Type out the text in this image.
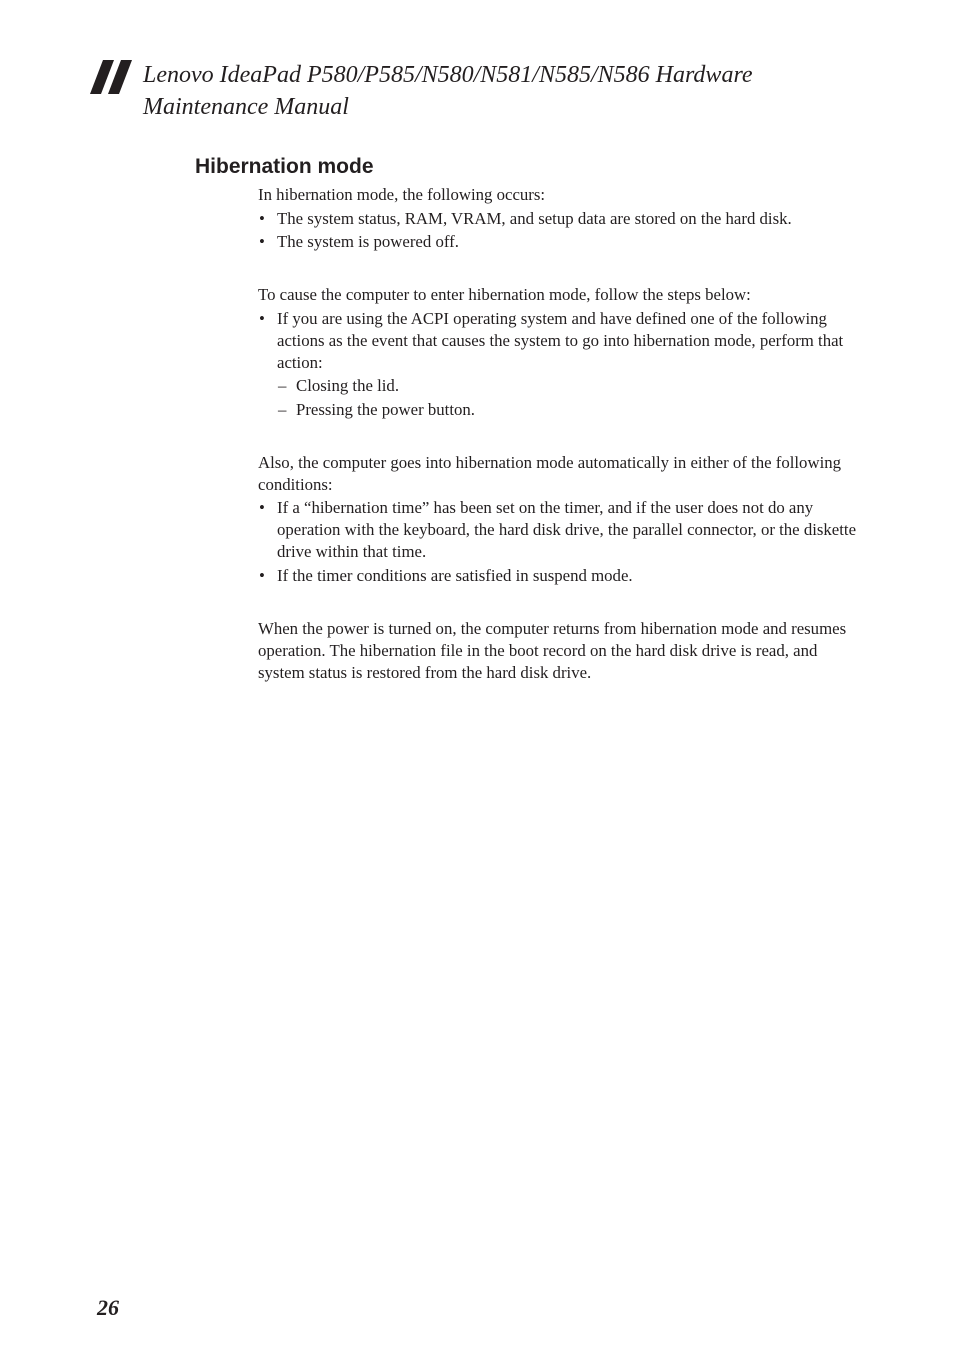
Lenovo IdeaPad P580/P585/N580/N581/N585/N586 Hardware
Maintenance Manual
Hibernation mode

In hibernation mode, the following occurs:

• The system status, RAM, VRAM, and setup data are stored on the hard disk.
• The system is powered off.

To cause the computer to enter hibernation mode, follow the steps below:

• If you are using the ACPI operating system and have defined one of the following actions as the event that causes the system to go into hibernation mode, perform that action:
– Closing the lid.
– Pressing the power button.

Also, the computer goes into hibernation mode automatically in either of the following conditions:

• If a “hibernation time” has been set on the timer, and if the user does not do any operation with the keyboard, the hard disk drive, the parallel connector, or the diskette drive within that time.
• If the timer conditions are satisfied in suspend mode.

When the power is turned on, the computer returns from hibernation mode and resumes operation. The hibernation file in the boot record on the hard disk drive is read, and system status is restored from the hard disk drive.

26
